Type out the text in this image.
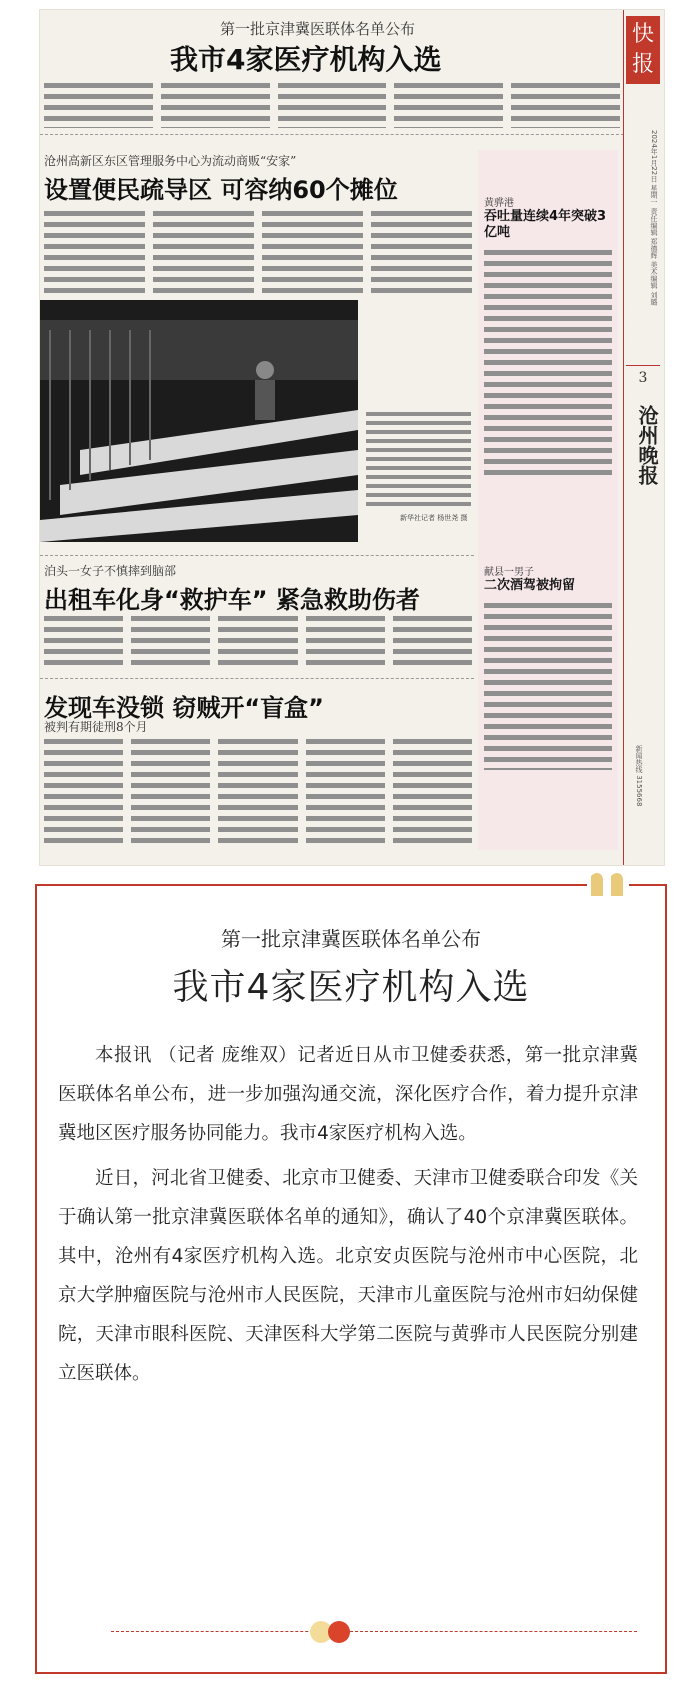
第一批京津冀医联体名单公布
我市4家医疗机构入选
沧州高新区东区管理服务中心为流动商贩“安家”
设置便民疏导区 可容纳60个摊位
新华社记者 杨世尧 摄
泊头一女子不慎摔到脑部
出租车化身“救护车” 紧急救助伤者
发现车没锁 窃贼开“盲盒”
被判有期徒刑8个月
黄骅港
吞吐量连续4年突破3亿吨
献县一男子
二次酒驾被拘留
快报
2024年1月22日 星期一 责任编辑 郑德辉 美术编辑 刘璐
3
沧州晚报
新闻热线 3155668
第一批京津冀医联体名单公布
我市4家医疗机构入选

本报讯 （记者 庞维双）记者近日从市卫健委获悉，第一批京津冀医联体名单公布，进一步加强沟通交流，深化医疗合作，着力提升京津冀地区医疗服务协同能力。我市4家医疗机构入选。

近日，河北省卫健委、北京市卫健委、天津市卫健委联合印发《关于确认第一批京津冀医联体名单的通知》，确认了40个京津冀医联体。其中，沧州有4家医疗机构入选。北京安贞医院与沧州市中心医院，北京大学肿瘤医院与沧州市人民医院，天津市儿童医院与沧州市妇幼保健院，天津市眼科医院、天津医科大学第二医院与黄骅市人民医院分别建立医联体。
